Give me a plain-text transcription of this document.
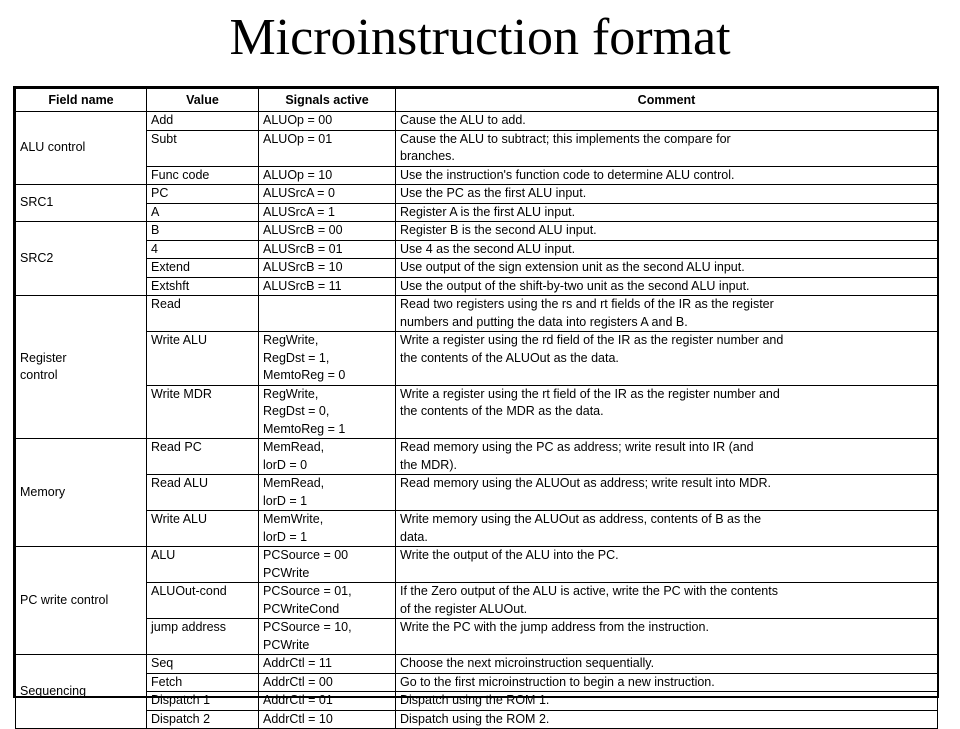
Microinstruction format
Field name	Value	Signals active	Comment

ALU control	Add	ALUOp = 00	Cause the ALU to add.

	Subt	ALUOp = 01	Cause the ALU to subtract; this implements the compare for
branches.

	Func code	ALUOp = 10	Use the instruction's function code to determine ALU control.

SRC1	PC	ALUSrcA = 0	Use the PC as the first ALU input.

	A	ALUSrcA = 1	Register A is the first ALU input.

SRC2	B	ALUSrcB = 00	Register B is the second ALU input.

	4	ALUSrcB = 01	Use 4 as the second ALU input.

	Extend	ALUSrcB = 10	Use output of the sign extension unit as the second ALU input.

	Extshft	ALUSrcB = 11	Use the output of the shift-by-two unit as the second ALU input.

Register
control	Read		Read two registers using the rs and rt fields of the IR as the register
numbers and putting the data into registers A and B.

	Write ALU	RegWrite,
RegDst = 1,
MemtoReg = 0	Write a register using the rd field of the IR as the register number and
the contents of the ALUOut as the data.

	Write MDR	RegWrite,
RegDst = 0,
MemtoReg = 1	Write a register using the rt field of the IR as the register number and
the contents of the MDR as the data.

Memory	Read PC	MemRead,
lorD = 0	Read memory using the PC as address; write result into IR (and
the MDR).

	Read ALU	MemRead,
lorD = 1	Read memory using the ALUOut as address; write result into MDR.

	Write ALU	MemWrite,
lorD = 1	Write memory using the ALUOut as address, contents of B as the
data.

PC write control	ALU	PCSource = 00
PCWrite	Write the output of the ALU into the PC.

	ALUOut-cond	PCSource = 01,
PCWriteCond	If the Zero output of the ALU is active, write the PC with the contents
of the register ALUOut.

	jump address	PCSource = 10,
PCWrite	Write the PC with the jump address from the instruction.

Sequencing	Seq	AddrCtl = 11	Choose the next microinstruction sequentially.

	Fetch	AddrCtl = 00	Go to the first microinstruction to begin a new instruction.

	Dispatch 1	AddrCtl = 01	Dispatch using the ROM 1.

	Dispatch 2	AddrCtl = 10	Dispatch using the ROM 2.
